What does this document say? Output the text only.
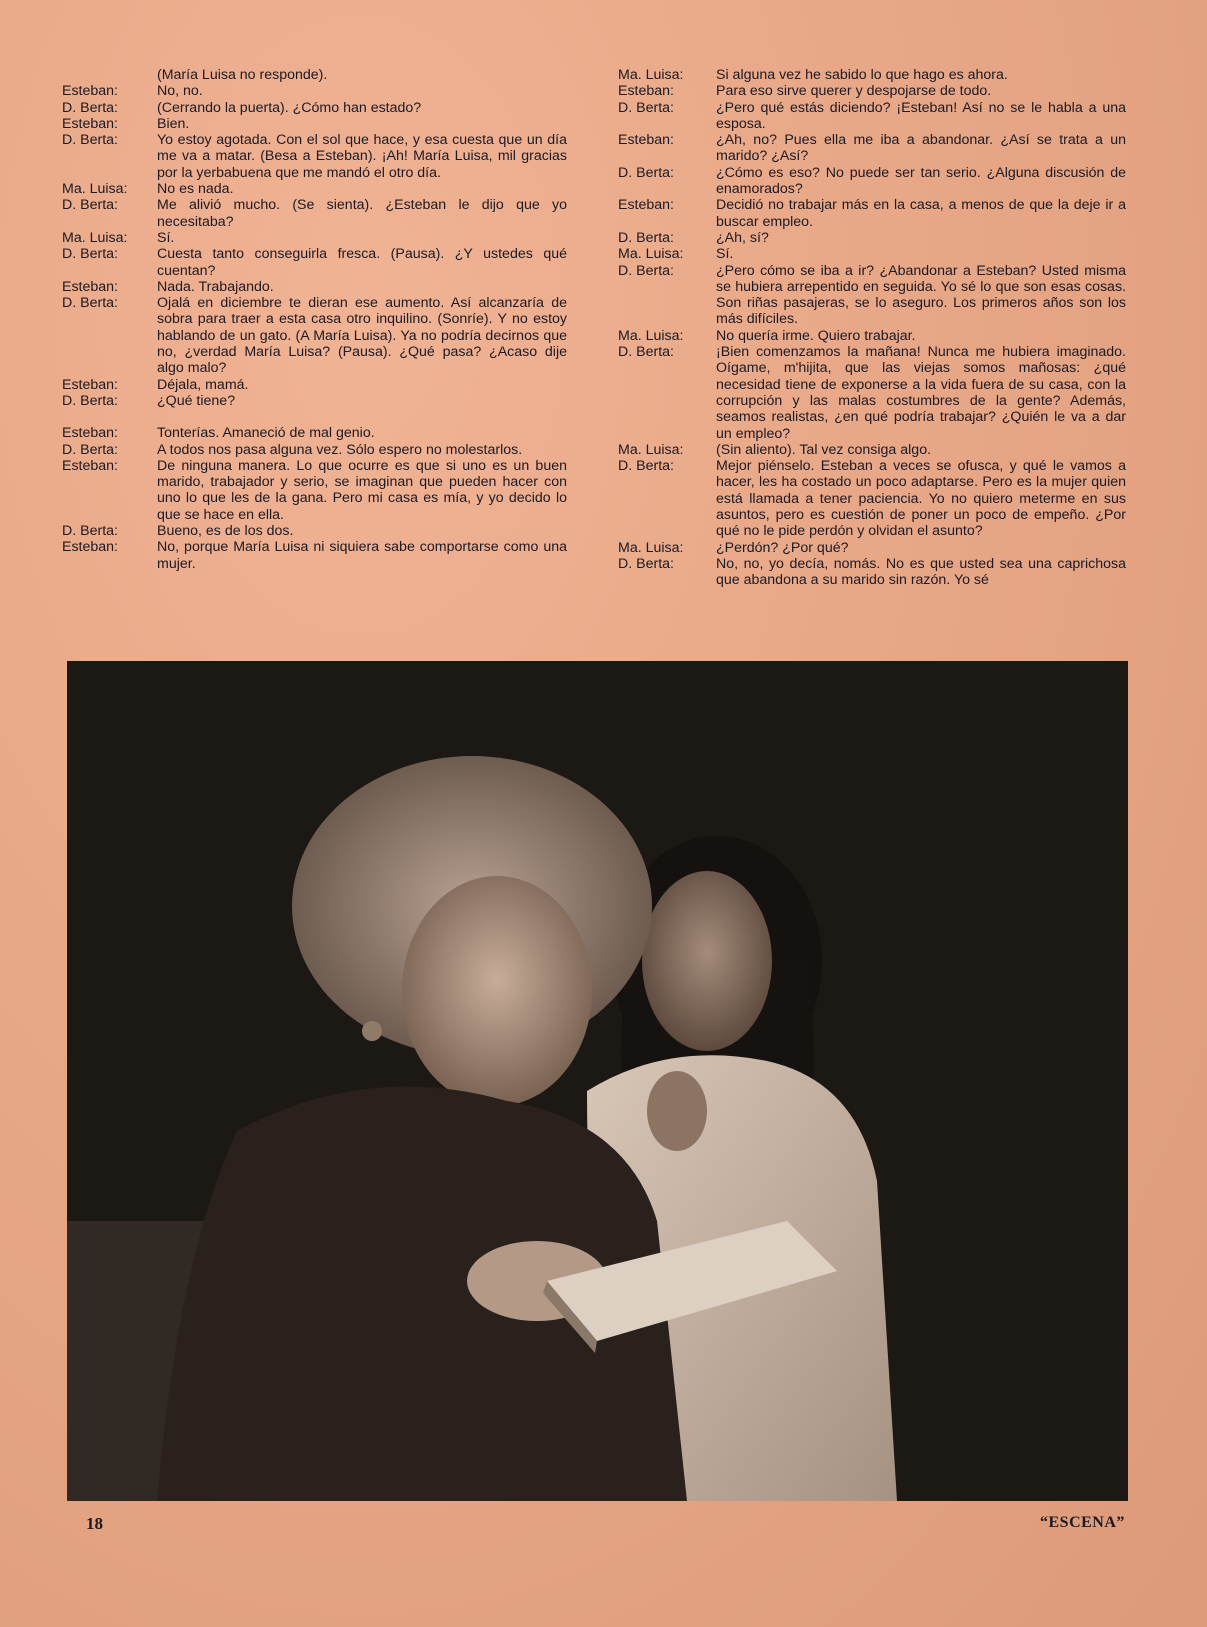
(María Luisa no responde).
Esteban:	No, no.
D. Berta:	(Cerrando la puerta). ¿Cómo han estado?
Esteban:	Bien.
D. Berta:	Yo estoy agotada. Con el sol que hace, y esa cuesta que un día me va a matar. (Besa a Esteban). ¡Ah! María Luisa, mil gracias por la yerbabuena que me mandó el otro día.
Ma. Luisa:	No es nada.
D. Berta:	Me alivió mucho. (Se sienta). ¿Esteban le dijo que yo necesitaba?
Ma. Luisa:	Sí.
D. Berta:	Cuesta tanto conseguirla fresca. (Pausa). ¿Y ustedes qué cuentan?
Esteban:	Nada. Trabajando.
D. Berta:	Ojalá en diciembre te dieran ese aumento. Así alcanzaría de sobra para traer a esta casa otro inquilino. (Sonríe). Y no estoy hablando de un gato. (A María Luisa). Ya no podría decirnos que no, ¿verdad María Luisa? (Pausa). ¿Qué pasa? ¿Acaso dije algo malo?
Esteban:	Déjala, mamá.
D. Berta:	¿Qué tiene?
Esteban:	Tonterías. Amaneció de mal genio.
D. Berta:	A todos nos pasa alguna vez. Sólo espero no molestarlos.
Esteban:	De ninguna manera. Lo que ocurre es que si uno es un buen marido, trabajador y serio, se imaginan que pueden hacer con uno lo que les de la gana. Pero mi casa es mía, y yo decido lo que se hace en ella.
D. Berta:	Bueno, es de los dos.
Esteban:	No, porque María Luisa ni siquiera sabe comportarse como una mujer.
Ma. Luisa:	Si alguna vez he sabido lo que hago es ahora.
Esteban:	Para eso sirve querer y despojarse de todo.
D. Berta:	¿Pero qué estás diciendo? ¡Esteban! Así no se le habla a una esposa.
Esteban:	¿Ah, no? Pues ella me iba a abandonar. ¿Así se trata a un marido? ¿Así?
D. Berta:	¿Cómo es eso? No puede ser tan serio. ¿Alguna discusión de enamorados?
Esteban:	Decidió no trabajar más en la casa, a menos de que la deje ir a buscar empleo.
D. Berta:	¿Ah, sí?
Ma. Luisa:	Sí.
D. Berta:	¿Pero cómo se iba a ir? ¿Abandonar a Esteban? Usted misma se hubiera arrepentido en seguida. Yo sé lo que son esas cosas. Son riñas pasajeras, se lo aseguro. Los primeros años son los más difíciles.
Ma. Luisa:	No quería irme. Quiero trabajar.
D. Berta:	¡Bien comenzamos la mañana! Nunca me hubiera imaginado. Oígame, m'hijita, que las viejas somos mañosas: ¿qué necesidad tiene de exponerse a la vida fuera de su casa, con la corrupción y las malas costumbres de la gente? Además, seamos realistas, ¿en qué podría trabajar? ¿Quién le va a dar un empleo?
Ma. Luisa:	(Sin aliento). Tal vez consiga algo.
D. Berta:	Mejor piénselo. Esteban a veces se ofusca, y qué le vamos a hacer, les ha costado un poco adaptarse. Pero es la mujer quien está llamada a tener paciencia. Yo no quiero meterme en sus asuntos, pero es cuestión de poner un poco de empeño. ¿Por qué no le pide perdón y olvidan el asunto?
Ma. Luisa:	¿Perdón? ¿Por qué?
D. Berta:	No, no, yo decía, nomás. No es que usted sea una caprichosa que abandona a su marido sin razón. Yo sé
18	“ESCENA”
